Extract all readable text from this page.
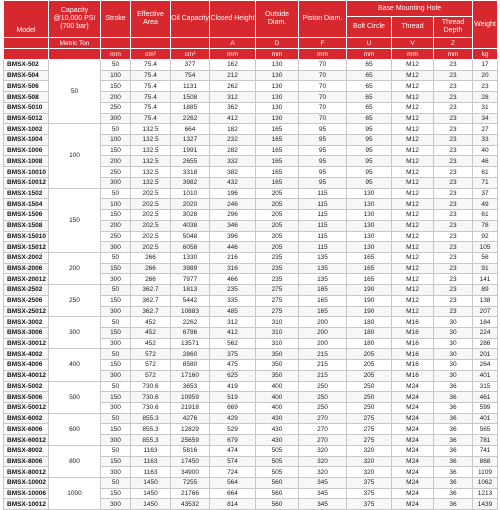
Model	Capacity @10,000 PSI (700 bar)	Stroke	Effective Area	Oil Capacity	Closed Height	Outside Diam.	Piston Diam.	Base Mounting Hole			Weight
								Bolt Circle	Thread	Thread Depth	
	Metric Ton				A	D	F	U	V	Z	
		mm	cm²	cm³	mm	mm	mm	mm	mm	mm	kg
BMSX-502	50	50	75.4	377	162	130	70	65	M12	23	17
BMSX-504		100	75.4	754	212	130	70	65	M12	23	20
BMSX-506		150	75.4	1131	262	130	70	65	M12	23	23
BMSX-508		200	75.4	1508	312	130	70	65	M12	23	28
BMSX-5010		250	75.4	1885	362	130	70	65	M12	23	31
BMSX-5012		300	75.4	2262	412	130	70	65	M12	23	34
BMSX-1002	100	50	132.5	664	182	165	95	95	M12	23	27
BMSX-1004		100	132.5	1327	232	165	95	95	M12	23	33
BMSX-1006		150	132.5	1991	282	165	95	95	M12	23	40
BMSX-1008		200	132.5	2655	332	165	95	95	M12	23	46
BMSX-10010		250	132.5	3318	382	165	95	95	M12	23	61
BMSX-10012		300	132.5	3982	432	165	95	95	M12	23	71
BMSX-1502	150	50	202.5	1010	196	205	115	130	M12	23	37
BMSX-1504		100	202.5	2020	246	205	115	130	M12	23	49
BMSX-1506		150	202.5	3028	296	205	115	130	M12	23	61
BMSX-1508		200	202.5	4038	346	205	115	130	M12	23	78
BMSX-15010		250	202.5	5048	396	205	115	130	M12	23	92
BMSX-15012		300	202.5	6058	446	205	115	130	M12	23	105
BMSX-2002	200	50	266	1330	216	235	135	165	M12	23	56
BMSX-2006		150	266	3989	316	235	135	165	M12	23	91
BMSX-20012		300	266	7977	466	235	135	165	M12	23	141
BMSX-2502	250	50	362.7	1813	235	275	165	190	M12	23	89
BMSX-2506		150	362.7	5442	335	275	165	190	M12	23	138
BMSX-25012		300	362.7	10883	485	275	165	190	M12	23	207
BMSX-3002	300	50	452	2262	312	310	200	180	M16	30	184
BMSX-3006		150	452	6786	412	310	200	180	M16	30	224
BMSX-30012		300	452	13571	562	310	200	180	M16	30	286
BMSX-4002	400	50	572	2860	375	350	215	205	M16	30	201
BMSX-4006		150	572	8580	475	350	215	205	M16	30	264
BMSX-40012		300	572	17160	625	350	215	205	M16	30	401
BMSX-5002	500	50	730.6	3653	419	400	250	250	M24	36	315
BMSX-5006		150	730.6	10959	519	400	250	250	M24	36	461
BMSX-50012		300	730.6	21918	669	400	250	250	M24	36	599
BMSX-6002	600	50	855.3	4276	429	430	270	275	M24	36	401
BMSX-6006		150	855.3	12829	529	430	270	275	M24	36	565
BMSX-60012		300	855.3	25659	679	430	270	275	M24	36	781
BMSX-8002	800	50	1163	5816	474	505	320	320	M24	36	741
BMSX-8006		150	1163	17450	574	505	320	320	M24	36	868
BMSX-80012		300	1163	34900	724	505	320	320	M24	36	1109
BMSX-10002	1000	50	1450	7255	564	560	345	375	M24	36	1062
BMSX-10006		150	1450	21766	664	560	345	375	M24	36	1213
BMSX-10012		300	1450	43532	814	560	345	375	M24	36	1439
